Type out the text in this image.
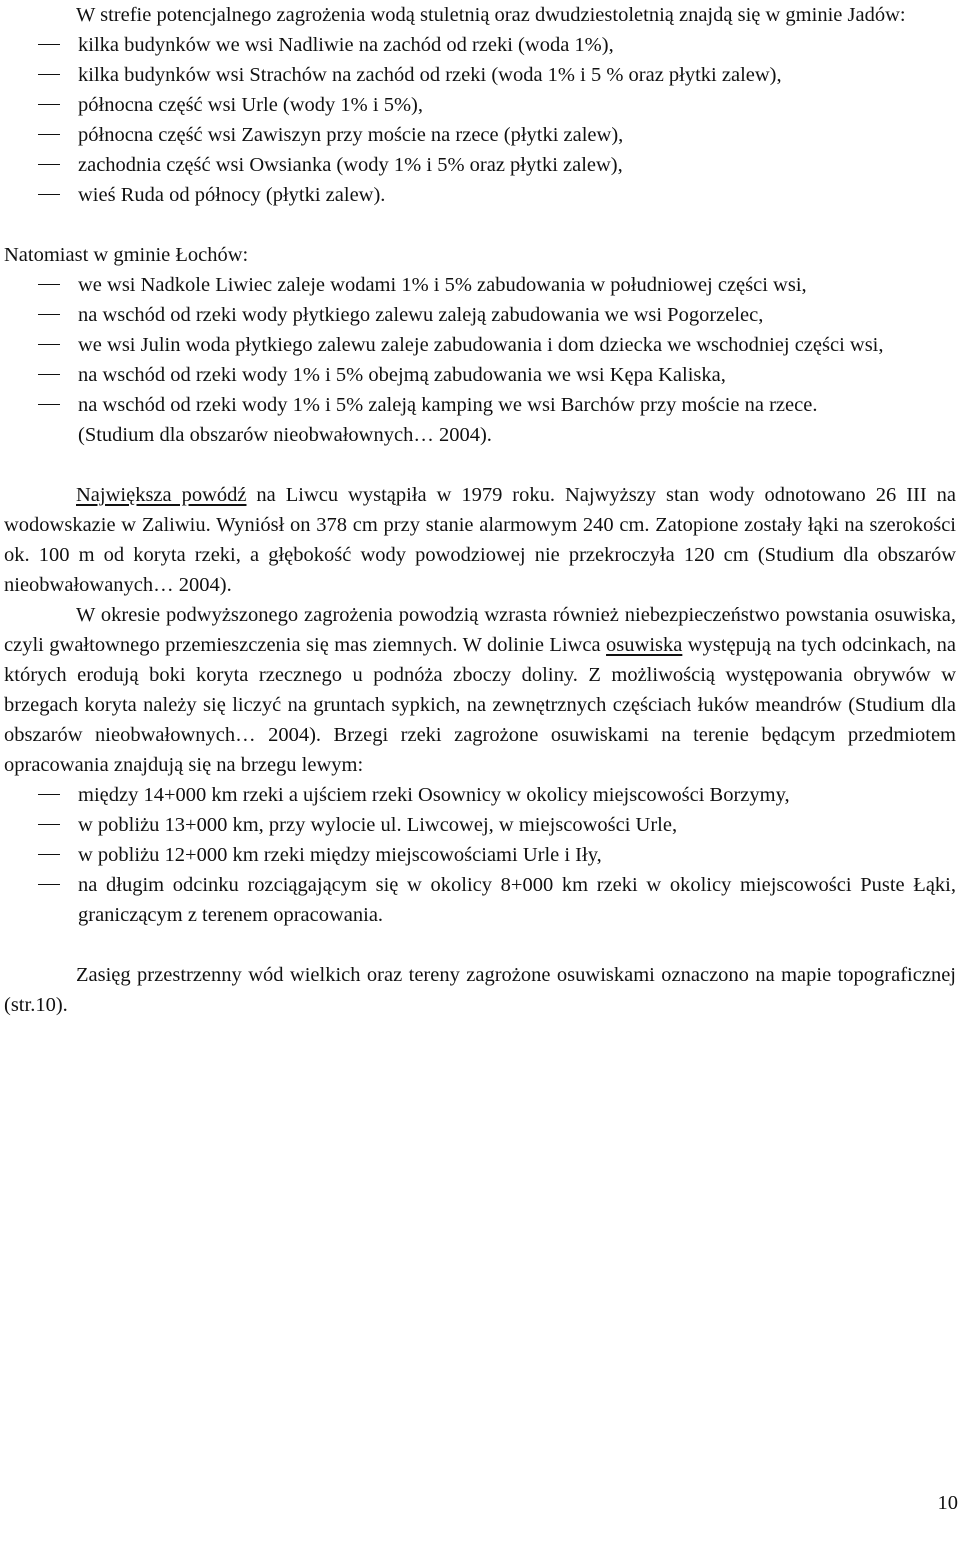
W strefie potencjalnego zagrożenia wodą stuletnią oraz dwudziestoletnią znajdą się w gminie Jadów:

kilka budynków we wsi Nadliwie na zachód od rzeki (woda 1%),
kilka budynków wsi Strachów na zachód od rzeki (woda 1% i 5 % oraz płytki zalew),
północna część wsi Urle (wody 1% i 5%),
północna część wsi Zawiszyn przy moście na rzece (płytki zalew),
zachodnia część wsi Owsianka (wody 1% i 5% oraz płytki zalew),
wieś Ruda od północy (płytki zalew).

Natomiast w gminie Łochów:

we wsi Nadkole Liwiec zaleje wodami 1% i 5% zabudowania w południowej części wsi,
na wschód od rzeki wody płytkiego zalewu zaleją zabudowania we wsi Pogorzelec,
we wsi Julin woda płytkiego zalewu zaleje zabudowania i dom dziecka we wschodniej części wsi,
na wschód od rzeki wody 1% i 5% obejmą zabudowania we wsi Kępa Kaliska,
na wschód od rzeki wody 1% i 5% zaleją kamping we wsi Barchów przy moście na rzece.

(Studium dla obszarów nieobwałownych… 2004).

Największa powódź na Liwcu wystąpiła w 1979 roku. Najwyższy stan wody odnotowano 26 III na wodowskazie w Zaliwiu. Wyniósł on 378 cm przy stanie alarmowym 240 cm. Zatopione zostały łąki na szerokości ok. 100 m od koryta rzeki, a głębokość wody powodziowej nie przekroczyła 120 cm (Studium dla obszarów nieobwałowanych… 2004).

W okresie podwyższonego zagrożenia powodzią wzrasta również niebezpieczeństwo powstania osuwiska, czyli gwałtownego przemieszczenia się mas ziemnych. W dolinie Liwca osuwiska występują na tych odcinkach, na których erodują boki koryta rzecznego u podnóża zboczy doliny. Z możliwością występowania obrywów w brzegach koryta należy się liczyć na gruntach sypkich, na zewnętrznych częściach łuków meandrów (Studium dla obszarów nieobwałownych… 2004). Brzegi rzeki zagrożone osuwiskami na terenie będącym przedmiotem opracowania znajdują się na brzegu lewym:

między 14+000 km rzeki a ujściem rzeki Osownicy w okolicy miejscowości Borzymy,
w pobliżu 13+000 km, przy wylocie ul. Liwcowej, w miejscowości Urle,
w pobliżu 12+000 km rzeki między miejscowościami Urle i Iły,
na długim odcinku rozciągającym się w okolicy 8+000 km rzeki w okolicy miejscowości Puste Łąki, graniczącym z terenem opracowania.

Zasięg przestrzenny wód wielkich oraz tereny zagrożone osuwiskami oznaczono na mapie topograficznej (str.10).

10
